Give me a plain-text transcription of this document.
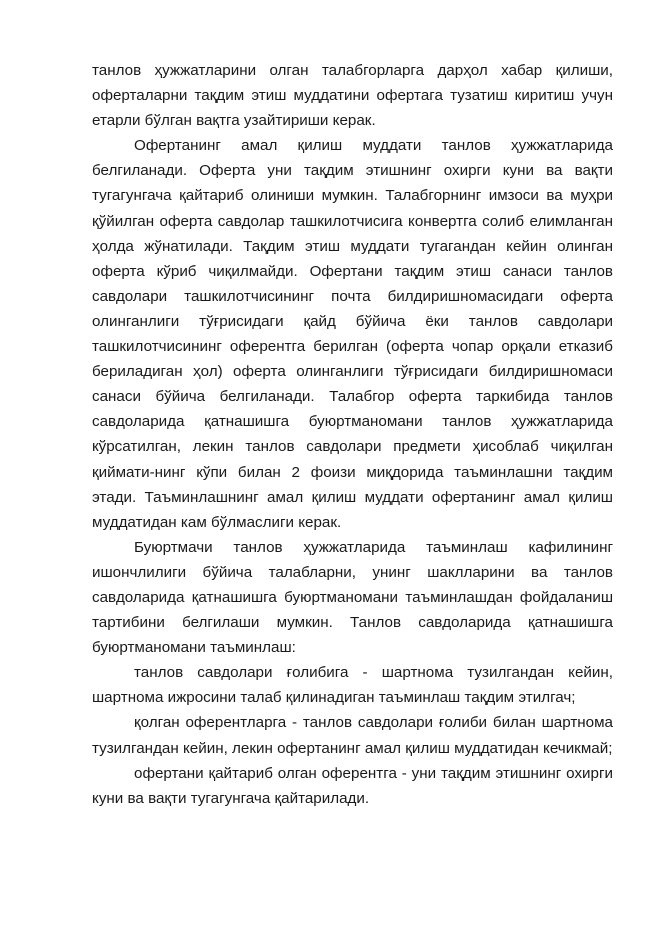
танлов ҳужжатларини олган талабгорларга дарҳол хабар қилиши, оферталарни тақдим этиш муддатини офертага тузатиш киритиш учун етарли бўлган вақтга узайтириши керак.

Офертанинг амал қилиш муддати танлов ҳужжатларида белгиланади. Оферта уни тақдим этишнинг охирги куни ва вақти тугагунгача қайтариб олиниши мумкин. Талабгорнинг имзоси ва муҳри қўйилган оферта савдолар ташкилотчисига конвертга солиб елимланган ҳолда жўнатилади. Тақдим этиш муддати тугагандан кейин олинган оферта кўриб чиқилмайди. Офертани тақдим этиш санаси танлов савдолари ташкилотчисининг почта билдиришномасидаги оферта олинганлиги тўғрисидаги қайд бўйича ёки танлов савдолари ташкилотчисининг оферентга берилган (оферта чопар орқали етказиб бериладиган ҳол) оферта олинганлиги тўғрисидаги билдиришномаси санаси бўйича белгиланади. Талабгор оферта таркибида танлов савдоларида қатнашишга буюртманомани танлов ҳужжатларида кўрсатилган, лекин танлов савдолари предмети ҳисоблаб чиқилган қиймати-нинг кўпи билан 2 фоизи миқдорида таъминлашни тақдим этади. Таъминлашнинг амал қилиш муддати офертанинг амал қилиш муддатидан кам бўлмаслиги керак.

Буюртмачи танлов ҳужжатларида таъминлаш кафилининг ишончлилиги бўйича талабларни, унинг шаклларини ва танлов савдоларида қатнашишга буюртманомани таъминлашдан фойдаланиш тартибини белгилаши мумкин. Танлов савдоларида қатнашишга буюртманомани таъминлаш:

танлов савдолари ғолибига - шартнома тузилгандан кейин, шартнома ижросини талаб қилинадиган таъминлаш тақдим этилгач;

қолган оферентларга - танлов савдолари ғолиби билан шартнома тузилгандан кейин, лекин офертанинг амал қилиш муддатидан кечикмай;

офертани қайтариб олган оферентга - уни тақдим этишнинг охирги куни ва вақти тугагунгача қайтарилади.
